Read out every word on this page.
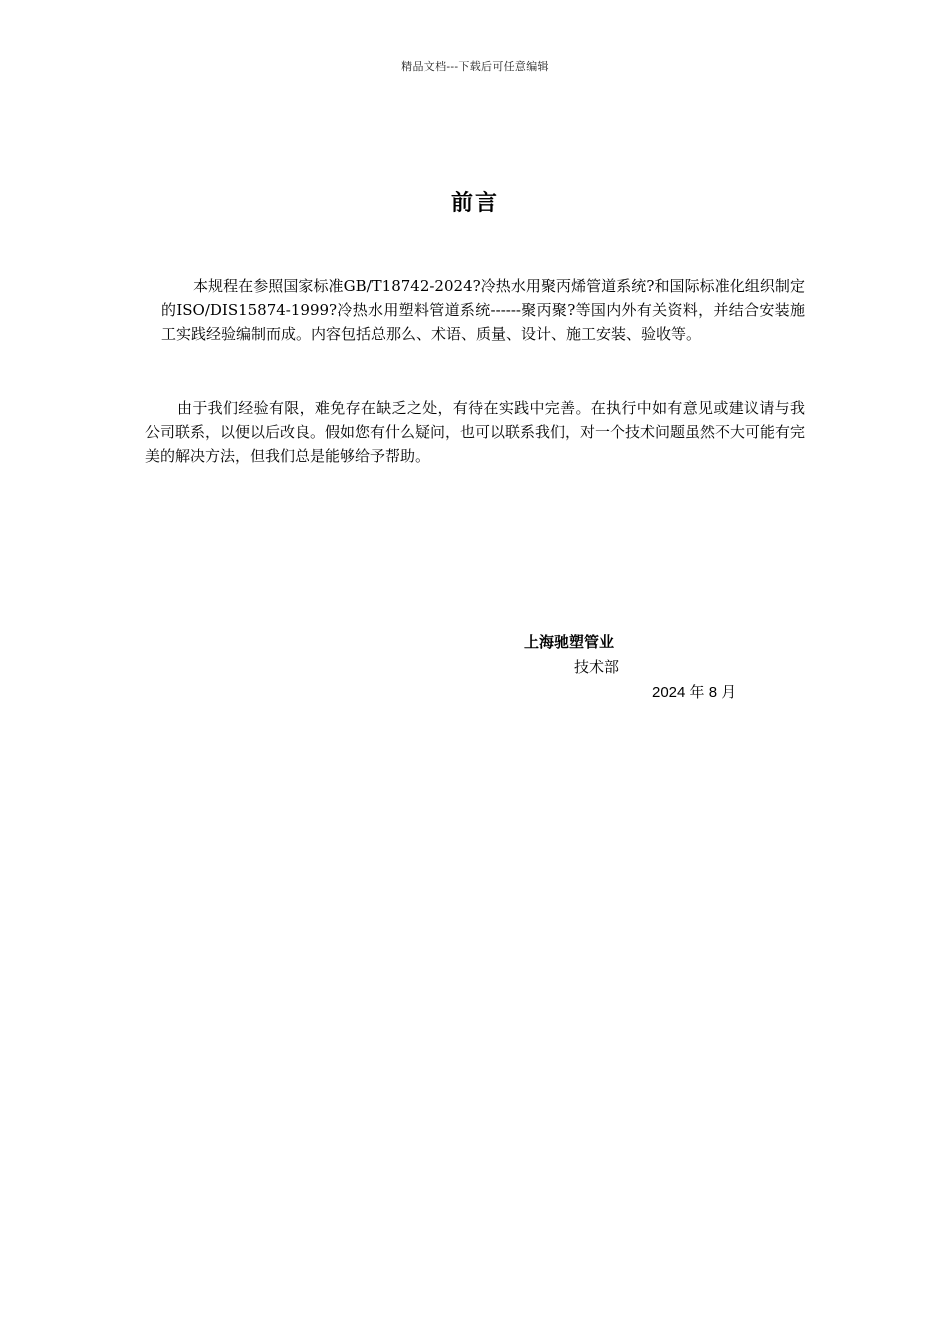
精品文档---下载后可任意编辑
前言

本规程在参照国家标准GB/T18742-2024?冷热水用聚丙烯管道系统?和国际标准化组织制定的ISO/DIS15874-1999?冷热水用塑料管道系统------聚丙聚?等国内外有关资料，并结合安装施工实践经验编制而成。内容包括总那么、术语、质量、设计、施工安装、验收等。

由于我们经验有限，难免存在缺乏之处，有待在实践中完善。在执行中如有意见或建议请与我公司联系，以便以后改良。假如您有什么疑问，也可以联系我们，对一个技术问题虽然不大可能有完美的解决方法，但我们总是能够给予帮助。

上海驰塑管业
技术部
2024 年 8 月
